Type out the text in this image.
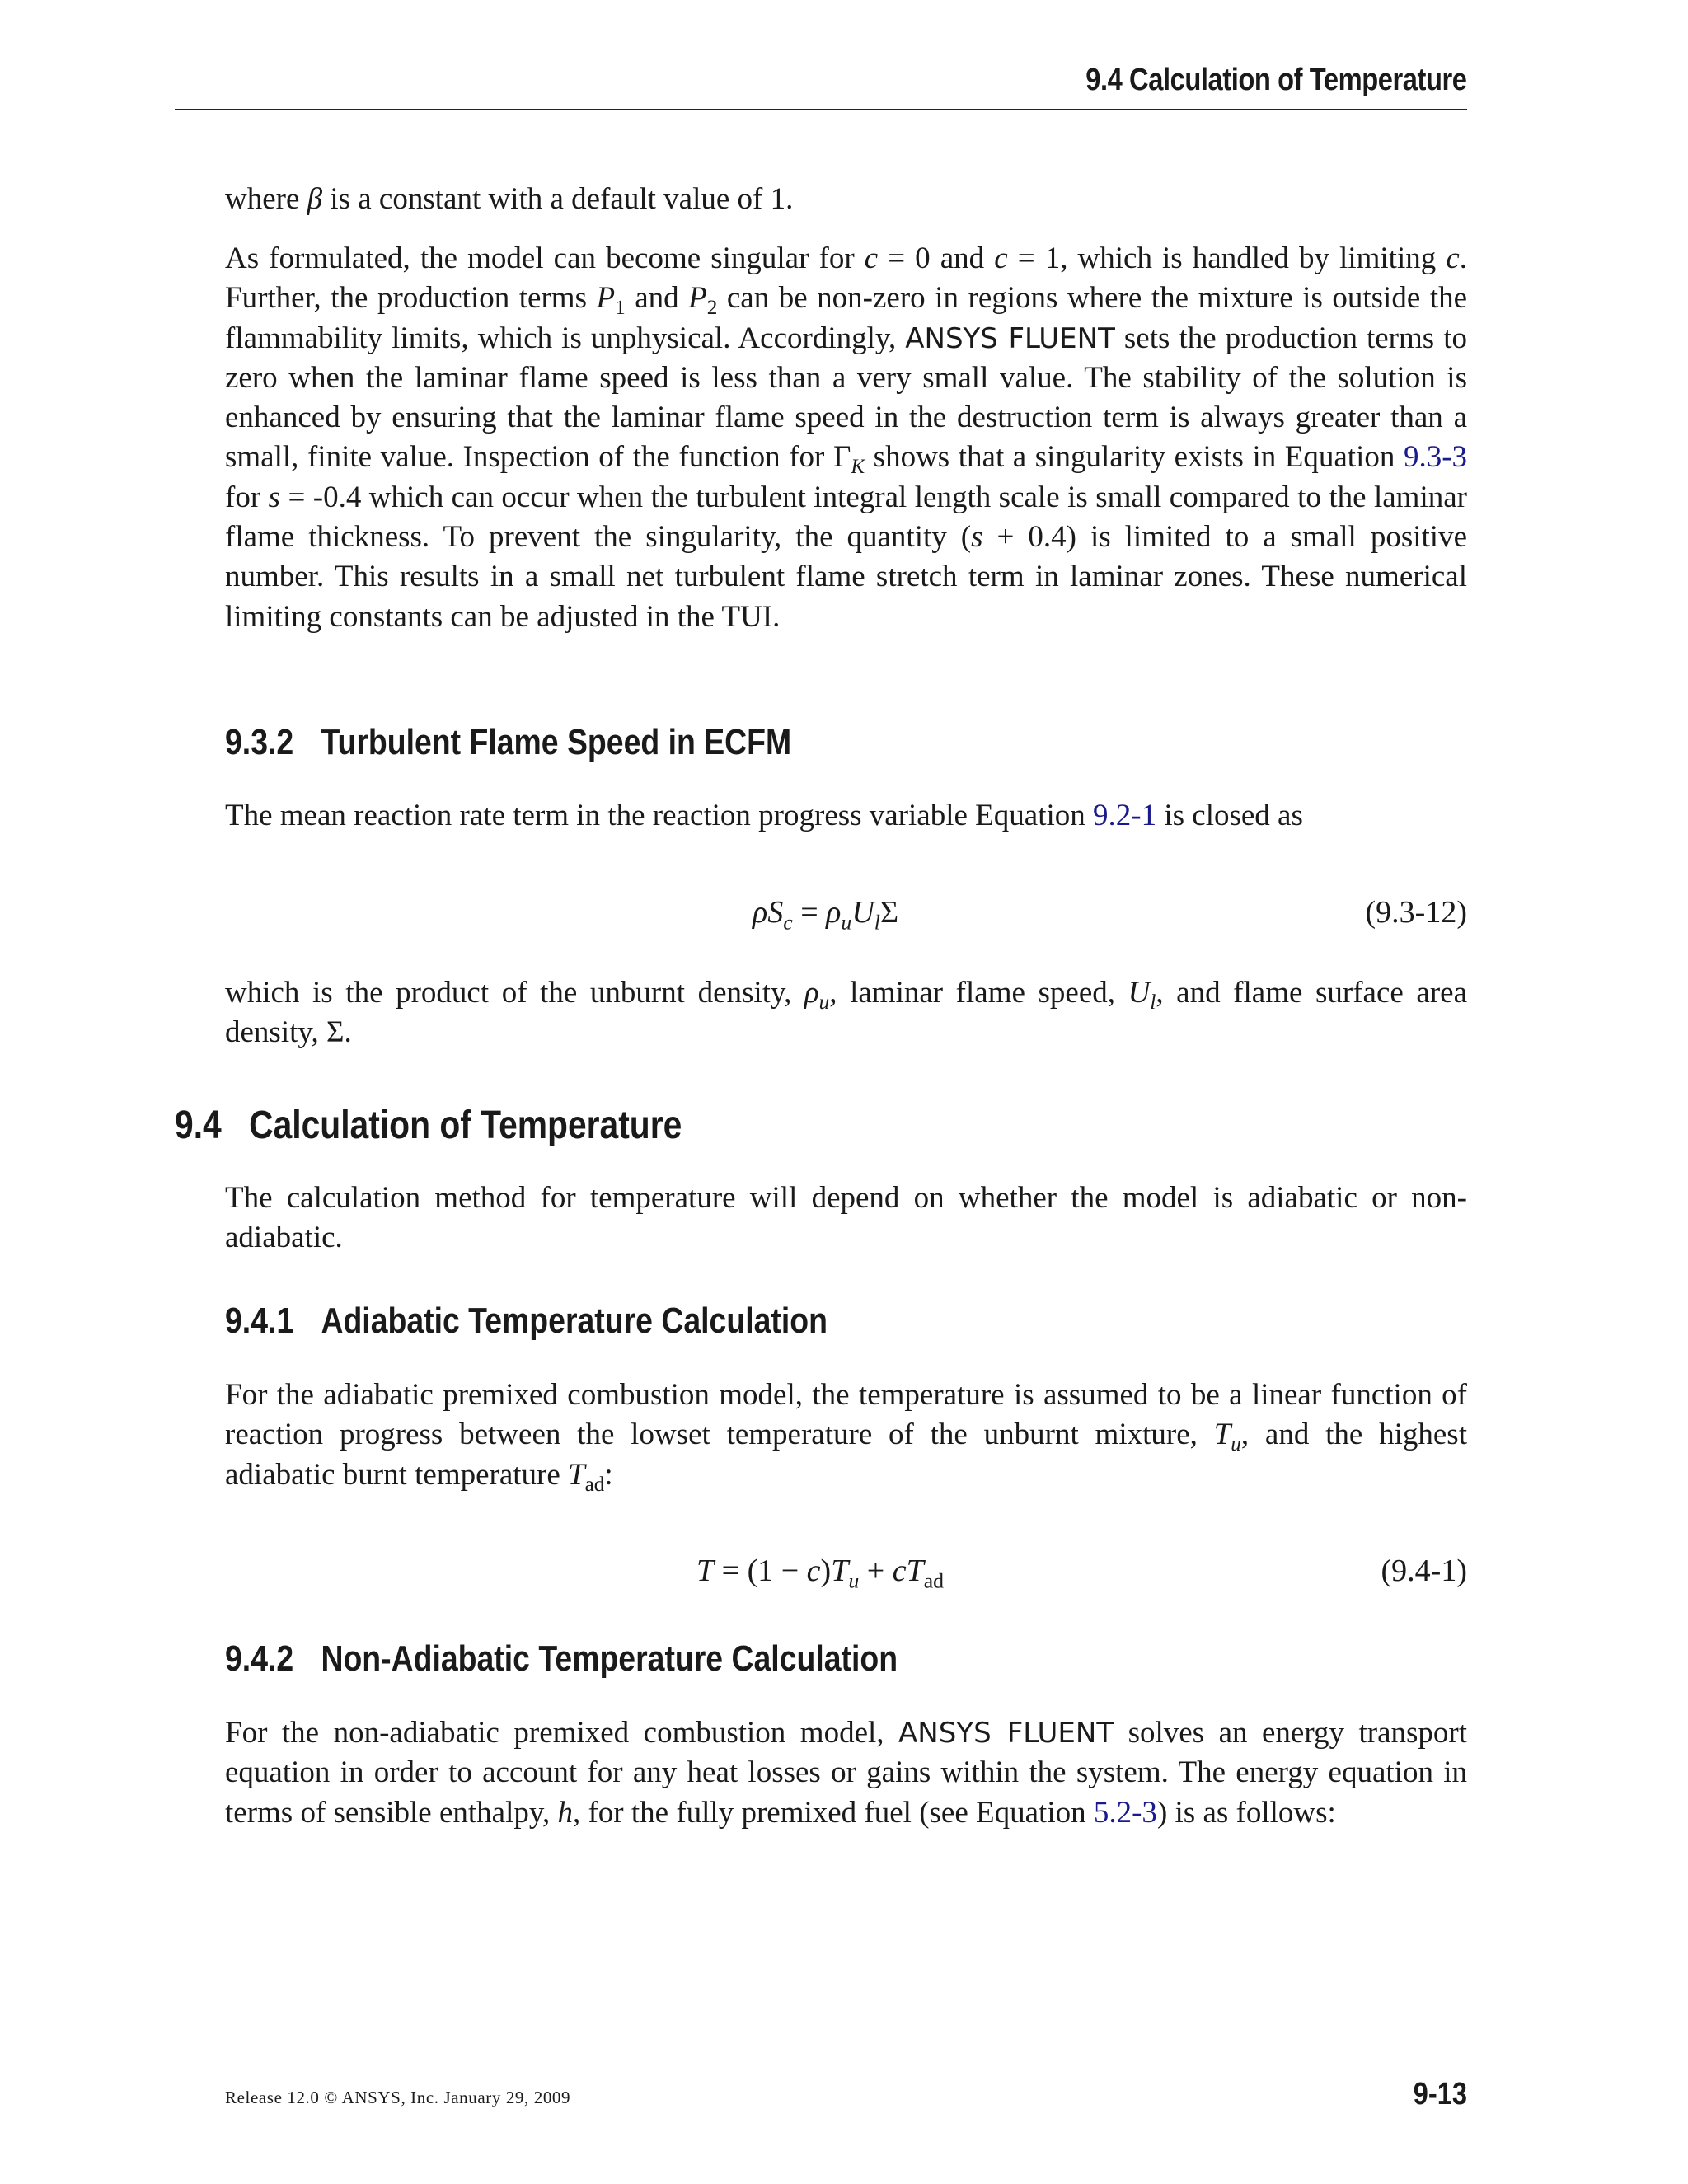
9.4 Calculation of Temperature

where β is a constant with a default value of 1.

As formulated, the model can become singular for c = 0 and c = 1, which is handled by limiting c. Further, the production terms $P_1$ and $P_2$ can be non-zero in regions where the mixture is outside the flammability limits, which is unphysical. Accordingly, ANSYS FLUENT sets the production terms to zero when the laminar flame speed is less than a very small value. The stability of the solution is enhanced by ensuring that the laminar flame speed in the destruction term is always greater than a small, finite value. Inspection of the function for $\Gamma_K$ shows that a singularity exists in Equation 9.3-3 for s = -0.4 which can occur when the turbulent integral length scale is small compared to the laminar flame thickness. To prevent the singularity, the quantity (s + 0.4) is limited to a small positive number. This results in a small net turbulent flame stretch term in laminar zones. These numerical limiting constants can be adjusted in the TUI.

9.3.2 Turbulent Flame Speed in ECFM

The mean reaction rate term in the reaction progress variable Equation 9.2-1 is closed as

$\rho S_c = \rho_uU_l\Sigma$	(9.3-12)

which is the product of the unburnt density, $\rho_u$, laminar flame speed, $U_l$, and flame surface area density, Σ.

9.4 Calculation of Temperature

The calculation method for temperature will depend on whether the model is adiabatic or non-adiabatic.

9.4.1 Adiabatic Temperature Calculation

For the adiabatic premixed combustion model, the temperature is assumed to be a linear function of reaction progress between the lowset temperature of the unburnt mixture, $T_u$, and the highest adiabatic burnt temperature $T_{ad}$:

$T = (1 - c)T_u + cT_{ad}$	(9.4-1)
9.4.2 Non-Adiabatic Temperature Calculation

For the non-adiabatic premixed combustion model, ANSYS FLUENT solves an energy transport equation in order to account for any heat losses or gains within the system. The energy equation in terms of sensible enthalpy, h, for the fully premixed fuel (see Equation 5.2-3) is as follows:

Release 12.0 © ANSYS, Inc. January 29, 2009	9-13
